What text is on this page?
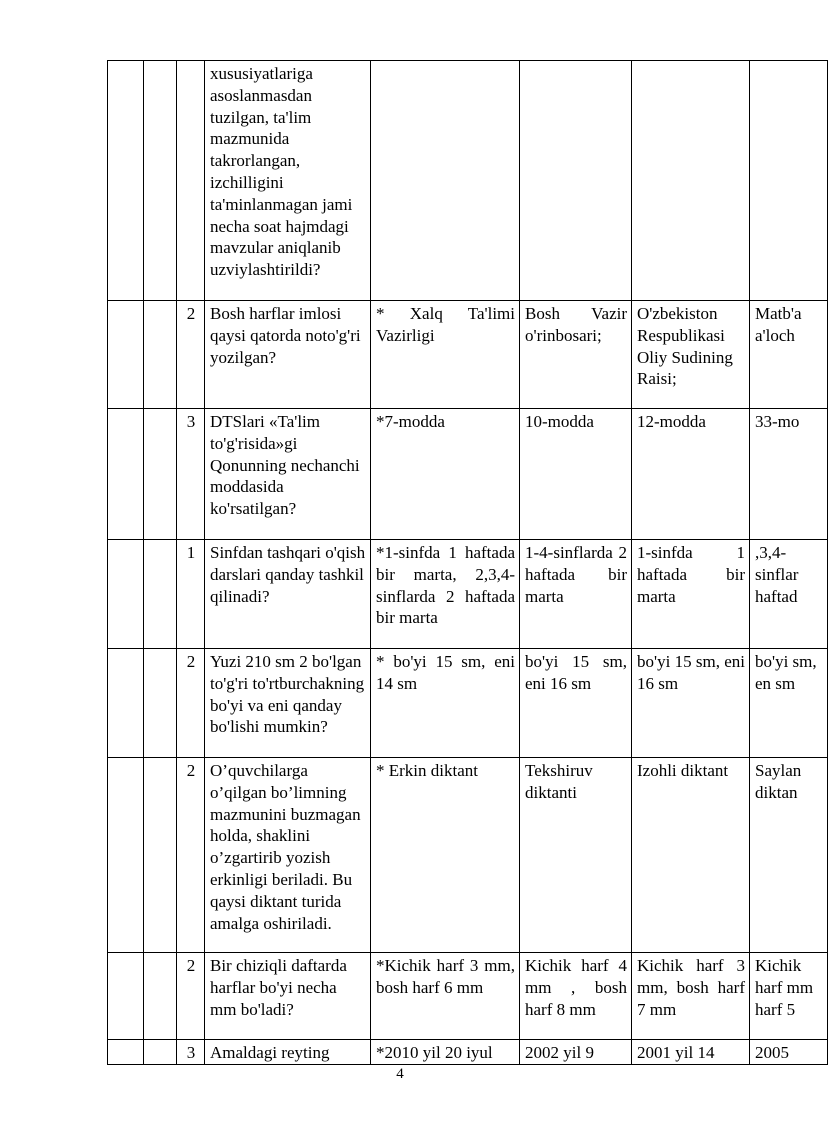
			xususiyatlariga asoslanmasdan tuzilgan, ta'lim mazmunida takrorlangan, izchilligini ta'minlanmagan jami necha soat hajmdagi mavzular aniqlanib uzviylashtirildi?				
		2	Bosh harflar imlosi qaysi qatorda noto'g'ri yozilgan?	* Xalq Ta'limi Vazirligi	Bosh Vazir o'rinbosari;	O'zbekiston Respublikasi Oliy Sudining Raisi;	Matb'a a'loch
		3	DTSlari «Ta'lim to'g'risida»gi Qonunning nechanchi moddasida ko'rsatilgan?	*7-modda	10-modda	12-modda	33-mo
		1	Sinfdan tashqari o'qish darslari qanday tashkil qilinadi?	*1-sinfda 1 haftada bir marta, 2,3,4-sinflarda 2 haftada bir marta	1-4-sinflarda 2 haftada bir marta	1-sinfda 1 haftada bir marta	,3,4- sinflar haftad
		2	Yuzi 210 sm 2 bo'lgan to'g'ri to'rtburchakning bo'yi va eni qanday bo'lishi mumkin?	* bo'yi 15 sm, eni 14 sm	bo'yi 15 sm, eni 16 sm	bo'yi 15 sm, eni 16 sm	bo'yi sm, en sm
		2	O’quvchilarga o’qilgan bo’limning mazmunini buzmagan holda, shaklini o’zgartirib yozish erkinligi beriladi. Bu qaysi diktant turida amalga oshiriladi.	* Erkin diktant	Tekshiruv diktanti	Izohli diktant	Saylan diktan
		2	Bir chiziqli daftarda harflar bo'yi necha mm bo'ladi?	*Kichik harf 3 mm, bosh harf 6 mm	Kichik harf 4 mm , bosh harf 8 mm	Kichik harf 3 mm, bosh harf 7 mm	Kichik harf mm harf 5
		3	Amaldagi reyting	*2010 yil 20 iyul	2002 yil 9	2001 yil 14	2005
4
